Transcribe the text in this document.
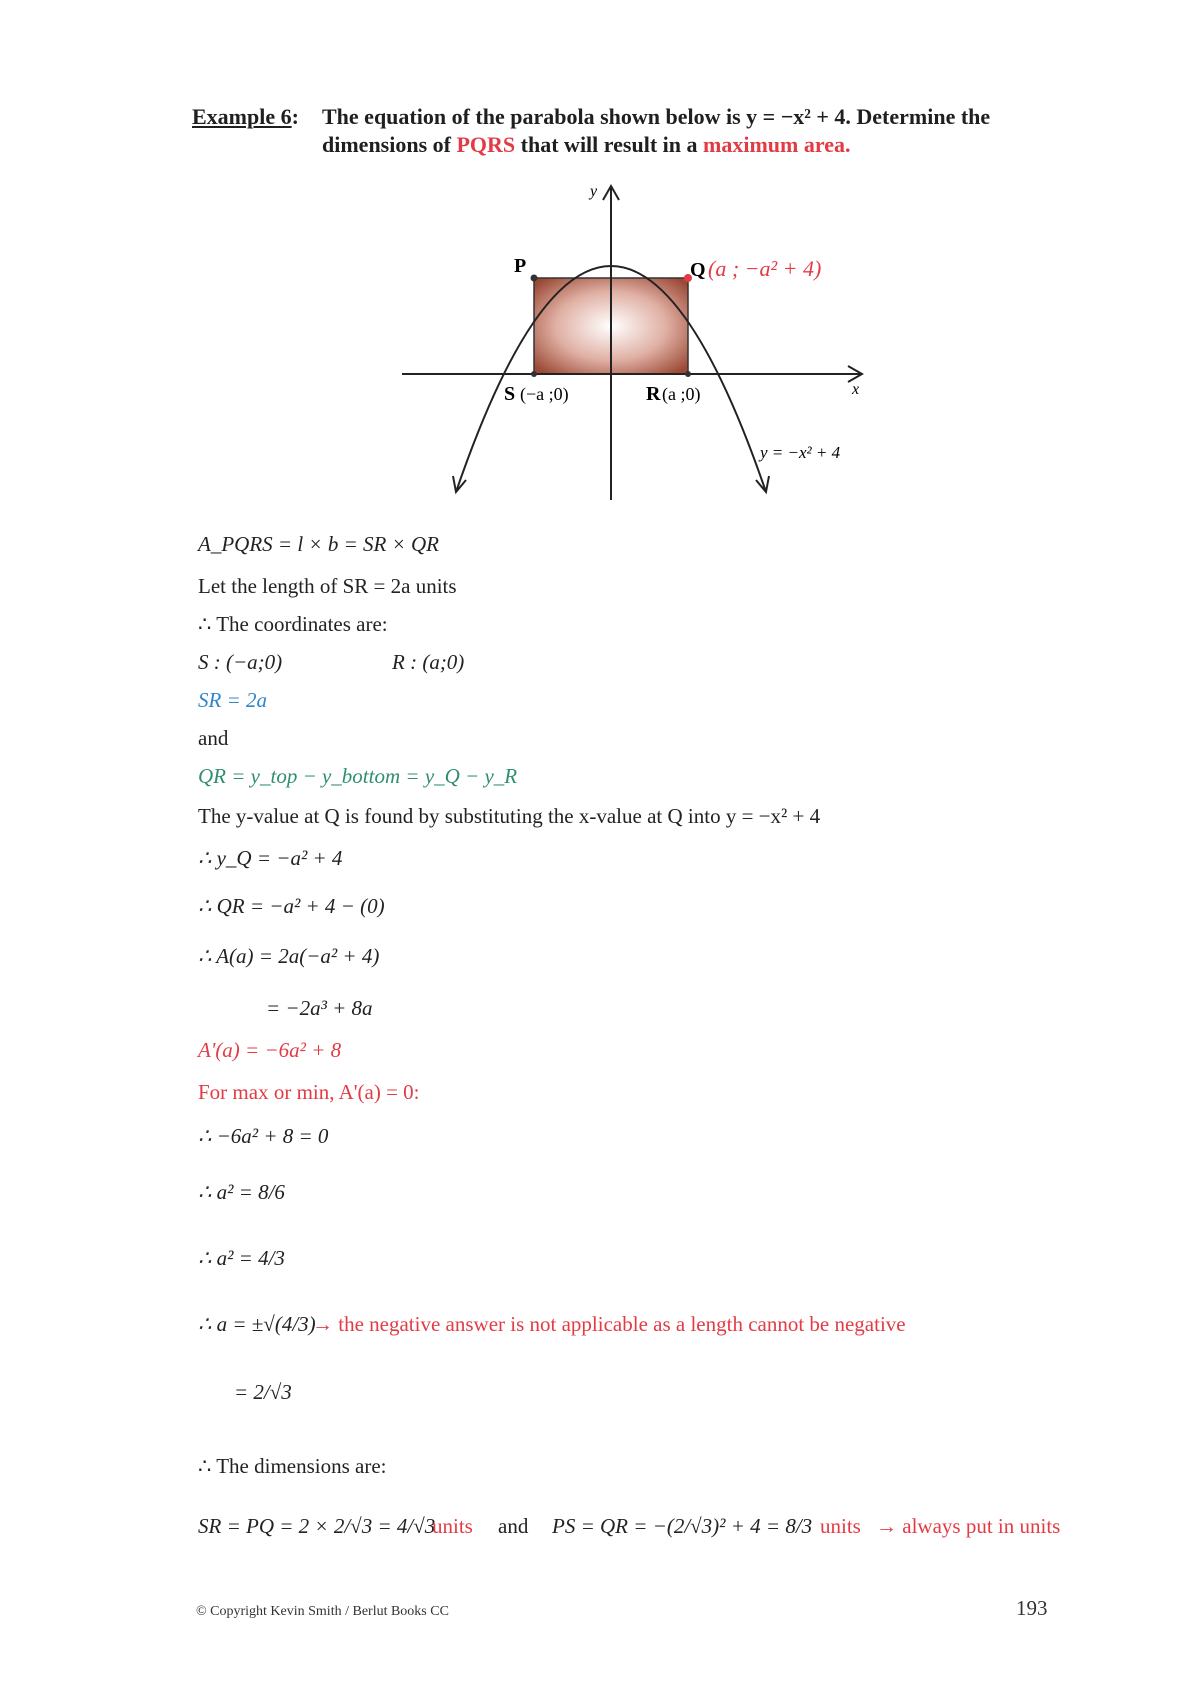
Example 6: The equation of the parabola shown below is y = −x² + 4. Determine the
dimensions of PQRS that will result in a maximum area.
y
x
P	Q (a ; −a² + 4)
S (−a ;0)	R (a ;0)
y = −x² + 4
A_PQRS = l × b = SR × QR
Let the length of SR = 2a units
∴ The coordinates are:
S : (−a;0)	R : (a;0)
SR = 2a
and
QR = y_top − y_bottom = y_Q − y_R
The y-value at Q is found by substituting the x-value at Q into y = −x² + 4
∴ y_Q = −a² + 4
∴ QR = −a² + 4 − (0)
∴ A(a) = 2a(−a² + 4)
= −2a³ + 8a
A'(a) = −6a² + 8
For max or min, A'(a) = 0:
∴ −6a² + 8 = 0
∴ a² = 8/6
∴ a² = 4/3
∴ a = ±√(4/3)
→ the negative answer is not applicable as a length cannot be negative
= 2/√3
∴ The dimensions are:
SR = PQ = 2 × 2/√3 = 4/√3
units and PS = QR = −(2/√3)² + 4 = 8/3 units → always put in units
© Copyright Kevin Smith / Berlut Books CC	193
